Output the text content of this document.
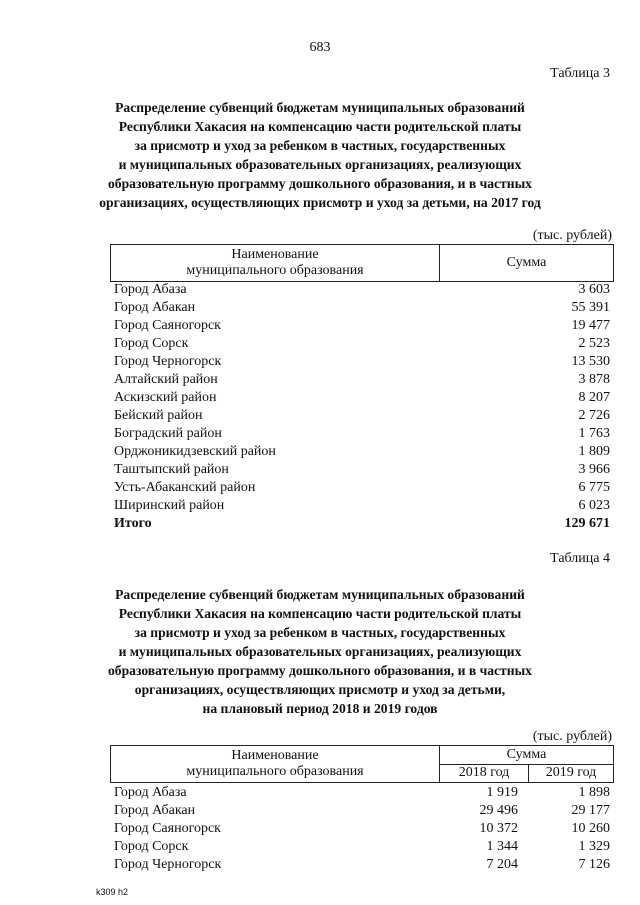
683
Таблица 3
Распределение субвенций бюджетам муниципальных образований
Республики Хакасия на компенсацию части родительской платы
за присмотр и уход за ребенком в частных, государственных
и муниципальных образовательных организациях, реализующих
образовательную программу дошкольного образования, и в частных
организациях, осуществляющих присмотр и уход за детьми, на 2017 год
(тыс. рублей)
Наименование
муниципального образования
	Сумма
Город Абаза	3 603
Город Абакан	55 391
Город Саяногорск	19 477
Город Сорск	2 523
Город Черногорск	13 530
Алтайский район	3 878
Аскизский район	8 207
Бейский район	2 726
Боградский район	1 763
Орджоникидзевский район	1 809
Таштыпский район	3 966
Усть-Абаканский район	6 775
Ширинский район	6 023
Итого	129 671
Таблица 4
Распределение субвенций бюджетам муниципальных образований
Республики Хакасия на компенсацию части родительской платы
за присмотр и уход за ребенком в частных, государственных
и муниципальных образовательных организациях, реализующих
образовательную программу дошкольного образования, и в частных
организациях, осуществляющих присмотр и уход за детьми,
на плановый период 2018 и 2019 годов
(тыс. рублей)
Наименование
муниципального образования	Сумма	
	2018 год	2019 год
Город Абаза	1 919	1 898
Город Абакан	29 496	29 177
Город Саяногорск	10 372	10 260
Город Сорск	1 344	1 329
Город Черногорск	7 204	7 126
k309 h2
